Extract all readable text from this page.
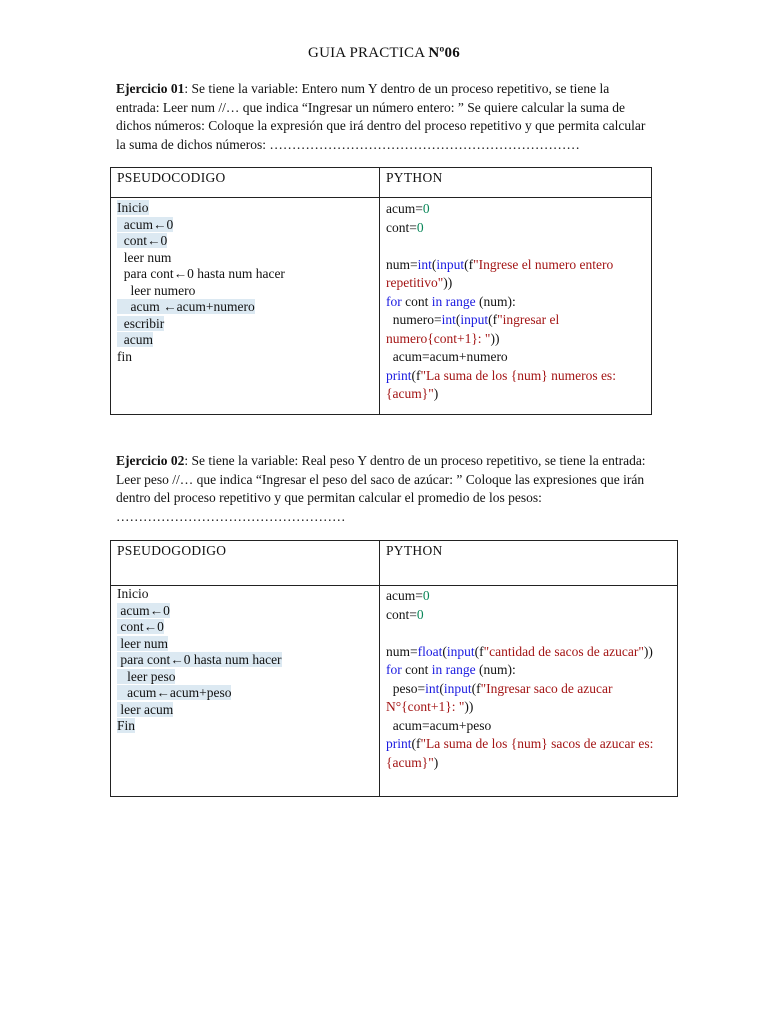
GUIA PRACTICA Nº06
Ejercicio 01: Se tiene la variable: Entero num Y dentro de un proceso repetitivo, se tiene la
entrada: Leer num //… que indica “Ingresar un número entero: ” Se quiere calcular la suma de
dichos números: Coloque la expresión que irá dentro del proceso repetitivo y que permita calcular
la suma de dichos números: ……………………………………………………………
PSEUDOCODIGO	PYTHON
Inicio
acum←0
cont←0
leer num
para cont←0 hasta num hacer
leer numero
acum ←acum+numero
escribir
acum
fin
acum=0
cont=0
num=int(input(f"Ingrese el numero entero
repetitivo"))
for cont in range (num):
numero=int(input(f"ingresar el
numero{cont+1}: "))
acum=acum+numero
print(f"La suma de los {num} numeros es:
{acum}")
Ejercicio 02: Se tiene la variable: Real peso Y dentro de un proceso repetitivo, se tiene la entrada:
Leer peso //… que indica “Ingresar el peso del saco de azúcar: ” Coloque las expresiones que irán
dentro del proceso repetitivo y que permitan calcular el promedio de los pesos:
……………………………………………
PSEUDOGODIGO	PYTHON
Inicio
acum←0
cont←0
leer num
para cont←0 hasta num hacer
leer peso
acum←acum+peso
leer acum
Fin
acum=0
cont=0
num=float(input(f"cantidad de sacos de azucar"))
for cont in range (num):
peso=int(input(f"Ingresar saco de azucar
N°{cont+1}: "))
acum=acum+peso
print(f"La suma de los {num} sacos de azucar es:
{acum}")
